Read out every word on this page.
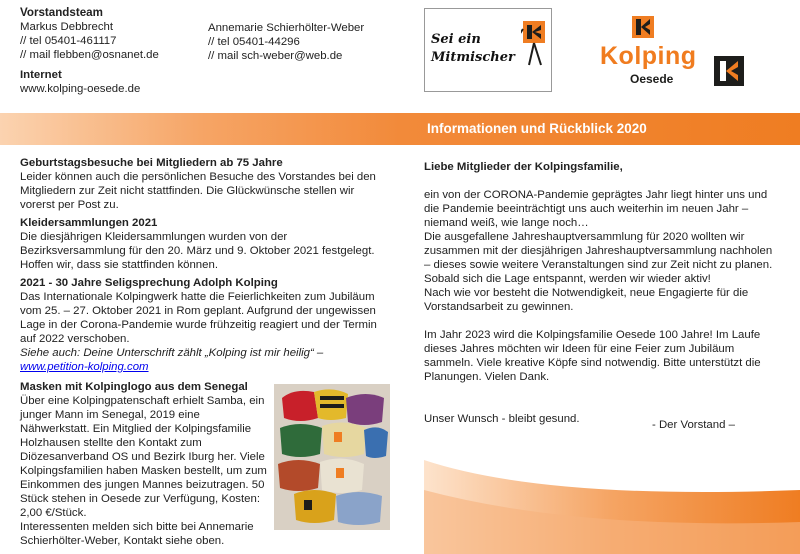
Vorstandsteam
Markus Debbrecht
// tel 05401-461117
// mail flebben@osnanet.de
Annemarie Schierhölter-Weber
// tel 05401-44296
// mail sch-weber@web.de
Internet
www.kolping-oesede.de
Sei ein
Mitmischer	Kolping
Oesede
Informationen und Rückblick 2020

Geburtstagsbesuche bei Mitgliedern ab 75 Jahre

Leider können auch die persönlichen Besuche des Vorstandes bei den Mitgliedern zur Zeit nicht stattfinden. Die Glückwünsche stellen wir vorerst per Post zu.

Kleidersammlungen 2021

Die diesjährigen Kleidersammlungen wurden von der Bezirksversammlung für den 20. März und 9. Oktober 2021 festgelegt. Hoffen wir, dass sie stattfinden können.

2021 - 30 Jahre Seligsprechung Adolph Kolping

Das Internationale Kolpingwerk hatte die Feierlichkeiten zum Jubiläum vom 25. – 27. Oktober 2021 in Rom geplant. Aufgrund der ungewissen Lage in der Corona-Pandemie wurde frühzeitig reagiert und der Termin auf 2022 verschoben.

Siehe auch: Deine Unterschrift zählt „Kolping ist mir heilig“ –

www.petition-kolping.com

Masken mit Kolpinglogo aus dem Senegal

Über eine Kolpingpatenschaft erhielt Samba, ein junger Mann im Senegal, 2019 eine Nähwerkstatt. Ein Mitglied der Kolpingsfamilie Holzhausen stellte den Kontakt zum Diözesanverband OS und Bezirk Iburg her. Viele Kolpingsfamilien haben Masken bestellt, um zum Einkommen des jungen Mannes beizutragen. 50 Stück stehen in Oesede zur Verfügung, Kosten: 2,00 €/Stück.

Interessenten melden sich bitte bei Annemarie Schierhölter-Weber, Kontakt siehe oben.

Liebe Mitglieder der Kolpingsfamilie,

ein von der CORONA-Pandemie geprägtes Jahr liegt hinter uns und die Pandemie beeinträchtigt uns auch weiterhin im neuen Jahr – niemand weiß, wie lange noch…

Die ausgefallene Jahreshauptversammlung für 2020 wollten wir zusammen mit der diesjährigen Jahreshauptversammlung nachholen – dieses sowie weitere Veranstaltungen sind zur Zeit nicht zu planen. Sobald sich die Lage entspannt, werden wir wieder aktiv!

Nach wie vor besteht die Notwendigkeit, neue Engagierte für die Vorstandsarbeit zu gewinnen.

Im Jahr 2023 wird die Kolpingsfamilie Oesede 100 Jahre! Im Laufe dieses Jahres möchten wir Ideen für eine Feier zum Jubiläum sammeln. Viele kreative Köpfe sind notwendig. Bitte unterstützt die Planungen. Vielen Dank.

Unser Wunsch - bleibt gesund.	- Der Vorstand –
